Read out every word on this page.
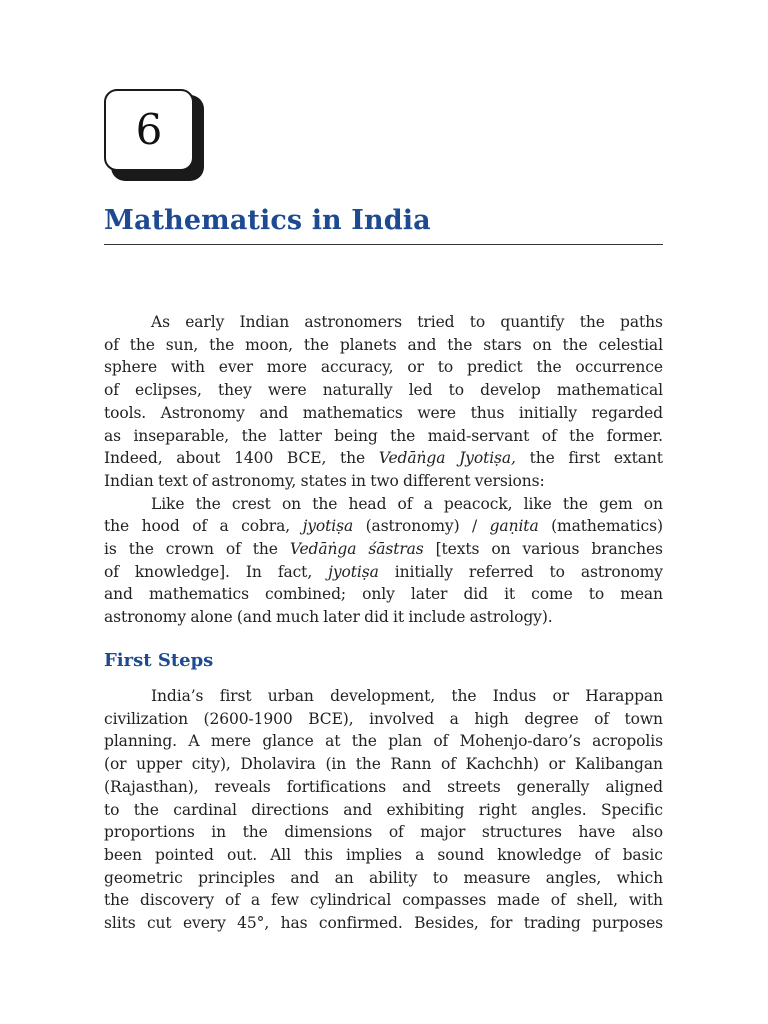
6
Mathematics in India
As early Indian astronomers tried to quantify the paths
of the sun, the moon, the planets and the stars on the celestial
sphere with ever more accuracy, or to predict the occurrence
of eclipses, they were naturally led to develop mathematical
tools. Astronomy and mathematics were thus initially regarded
as inseparable, the latter being the maid-servant of the former.
Indeed, about 1400 BCE, the Vedāṅga Jyotiṣa, the first extant
Indian text of astronomy, states in two different versions:
Like the crest on the head of a peacock, like the gem on
the hood of a cobra, jyotiṣa (astronomy) / gaṇita (mathematics)
is the crown of the Vedāṅga śāstras [texts on various branches
of knowledge]. In fact, jyotiṣa initially referred to astronomy
and mathematics combined; only later did it come to mean
astronomy alone (and much later did it include astrology).
First Steps
India’s first urban development, the Indus or Harappan
civilization (2600-1900 BCE), involved a high degree of town
planning. A mere glance at the plan of Mohenjo-daro’s acropolis
(or upper city), Dholavira (in the Rann of Kachchh) or Kalibangan
(Rajasthan), reveals fortifications and streets generally aligned
to the cardinal directions and exhibiting right angles. Specific
proportions in the dimensions of major structures have also
been pointed out. All this implies a sound knowledge of basic
geometric principles and an ability to measure angles, which
the discovery of a few cylindrical compasses made of shell, with
slits cut every 45°, has confirmed. Besides, for trading purposes
